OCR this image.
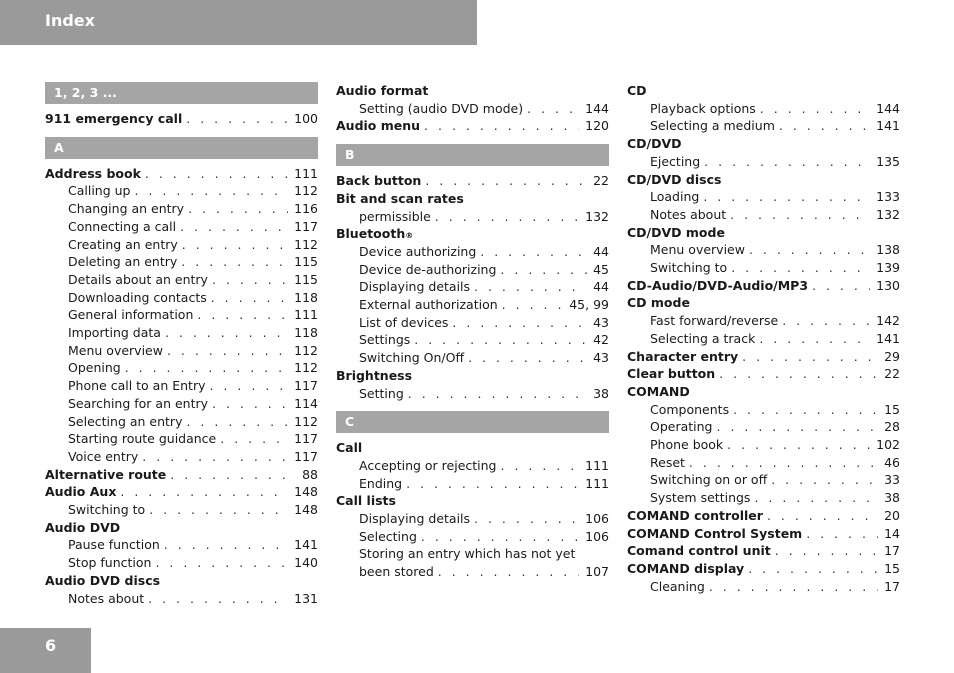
Index
1, 2, 3 ...
911 emergency call . . .	100
A
Address book . . .	111
Calling up . . .	112
Changing an entry . . .	116
Connecting a call . . .	117
Creating an entry . . .	112
Deleting an entry . . .	115
Details about an entry . . .	115
Downloading contacts . . .	118
General information . . .	111
Importing data . . .	118
Menu overview . . .	112
Opening . . .	112
Phone call to an Entry . . .	117
Searching for an entry . . .	114
Selecting an entry . . .	112
Starting route guidance . . .	117
Voice entry . . .	117
Alternative route . . .	88
Audio Aux . . .	148
Switching to . . .	148
Audio DVD
Pause function . . .	141
Stop function . . .	140
Audio DVD discs
Notes about . . .	131
Audio format
Setting (audio DVD mode) . . .	144
Audio menu . . .	120
B
Back button . . .	22
Bit and scan rates
permissible . . .	132
Bluetooth ®
Device authorizing . . .	44
Device de-authorizing . . .	45
Displaying details . . .	44
External authorization . . .	45, 99
List of devices . . .	43
Settings . . .	42
Switching On/Off . . .	43
Brightness
Setting . . .	38
C
Call
Accepting or rejecting . . .	111
Ending . . .	111
Call lists
Displaying details . . .	106
Selecting . . .	106
Storing an entry which has not yet
been stored . . .	107
CD
Playback options . . .	144
Selecting a medium . . .	141
CD/DVD
Ejecting . . .	135
CD/DVD discs
Loading . . .	133
Notes about . . .	132
CD/DVD mode
Menu overview . . .	138
Switching to . . .	139
CD-Audio/DVD-Audio/MP3 . . .	130
CD mode
Fast forward/reverse . . .	142
Selecting a track . . .	141
Character entry . . .	29
Clear button . . .	22
COMAND
Components . . .	15
Operating . . .	28
Phone book . . .	102
Reset . . .	46
Switching on or off . . .	33
System settings . . .	38
COMAND controller . . .	20
COMAND Control System . . .	14
Comand control unit . . .	17
COMAND display . . .	15
Cleaning . . .	17
6
